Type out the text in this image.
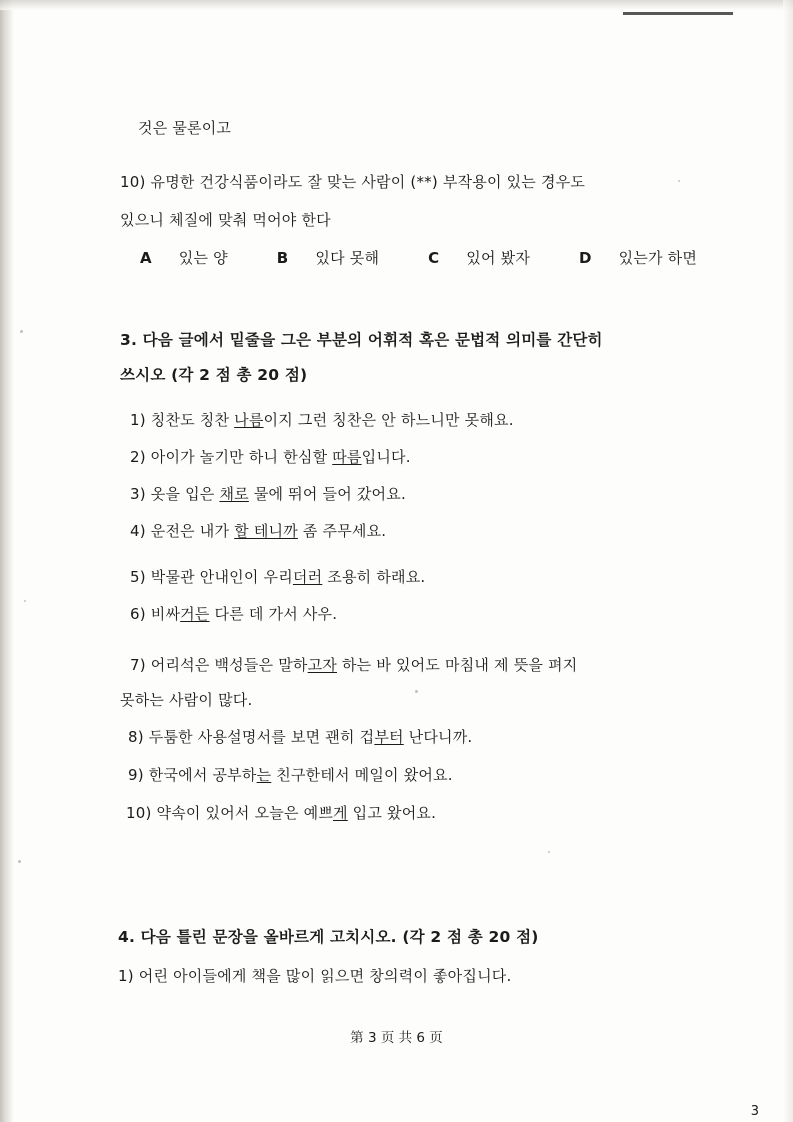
것은 물론이고
10) 유명한 건강식품이라도 잘 맞는 사람이 (**) 부작용이 있는 경우도
있으니 체질에 맞춰 먹어야 한다
A 있는 양	B 있다 못해	C 있어 봤자	D 있는가 하면
3. 다음 글에서 밑줄을 그은 부분의 어휘적 혹은 문법적 의미를 간단히
쓰시오 (각 2 점 총 20 점)
1) 칭찬도 칭찬 나름이지 그런 칭찬은 안 하느니만 못해요.
2) 아이가 놀기만 하니 한심할 따름입니다.
3) 옷을 입은 채로 물에 뛰어 들어 갔어요.
4) 운전은 내가 할 테니까 좀 주무세요.
5) 박물관 안내인이 우리더러 조용히 하래요.
6) 비싸거든 다른 데 가서 사우.
7) 어리석은 백성들은 말하고자 하는 바 있어도 마침내 제 뜻을 펴지
못하는 사람이 많다.
8) 두툼한 사용설명서를 보면 괜히 겁부터 난다니까.
9) 한국에서 공부하는 친구한테서 메일이 왔어요.
10) 약속이 있어서 오늘은 예쁘게 입고 왔어요.
4. 다음 틀린 문장을 올바르게 고치시오. (각 2 점 총 20 점)
1) 어린 아이들에게 책을 많이 읽으면 창의력이 좋아집니다.
第 3 页 共 6 页
3
